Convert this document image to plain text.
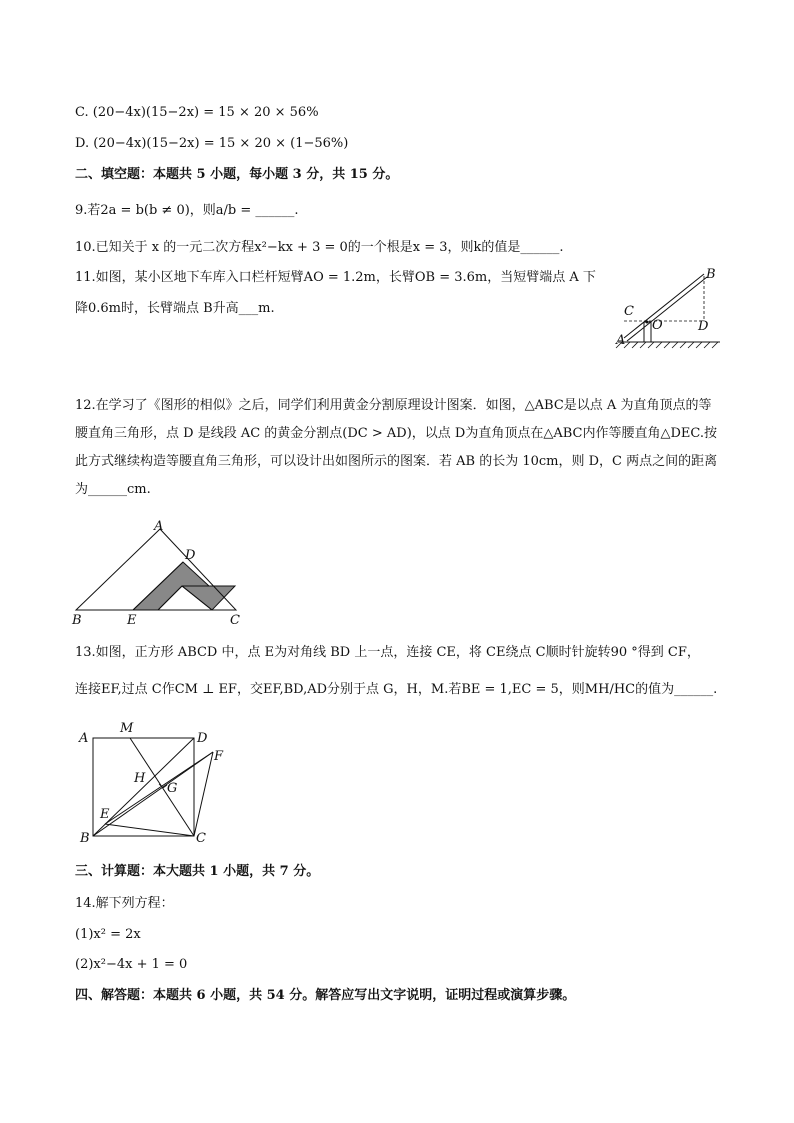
C. (20−4x)(15−2x) = 15 × 20 × 56%
D. (20−4x)(15−2x) = 15 × 20 × (1−56%)
二、填空题：本题共 5 小题，每小题 3 分，共 15 分。
9.若2a = b(b ≠ 0)，则a/b = ______.
10.已知关于 x 的一元二次方程x²−kx + 3 = 0的一个根是x = 3，则k的值是______.
11.如图，某小区地下车库入口栏杆短臂AO = 1.2m，长臂OB = 3.6m，当短臂端点 A 下
降0.6m时，长臂端点 B升高___m.
B
C
O	D
A
12.在学习了《图形的相似》之后，同学们利用黄金分割原理设计图案．如图，△ABC是以点 A 为直角顶点的等腰直角三角形，点 D 是线段 AC 的黄金分割点(DC > AD)，以点 D为直角顶点在△ABC内作等腰直角△DEC.按此方式继续构造等腰直角三角形，可以设计出如图所示的图案．若 AB 的长为 10cm，则 D，C 两点之间的距离为______cm.
A
D
B	E	C
13.如图，正方形 ABCD 中，点 E为对角线 BD 上一点，连接 CE，将 CE绕点 C顺时针旋转90 °得到 CF，
连接EF,过点 C作CM ⊥ EF，交EF,BD,AD分别于点 G，H，M.若BE = 1,EC = 5，则MH/HC的值为______.
A
M
D
F
H
G
E
B	C
三、计算题：本大题共 1 小题，共 7 分。
14.解下列方程：
(1)x² = 2x
(2)x²−4x + 1 = 0
四、解答题：本题共 6 小题，共 54 分。解答应写出文字说明，证明过程或演算步骤。
